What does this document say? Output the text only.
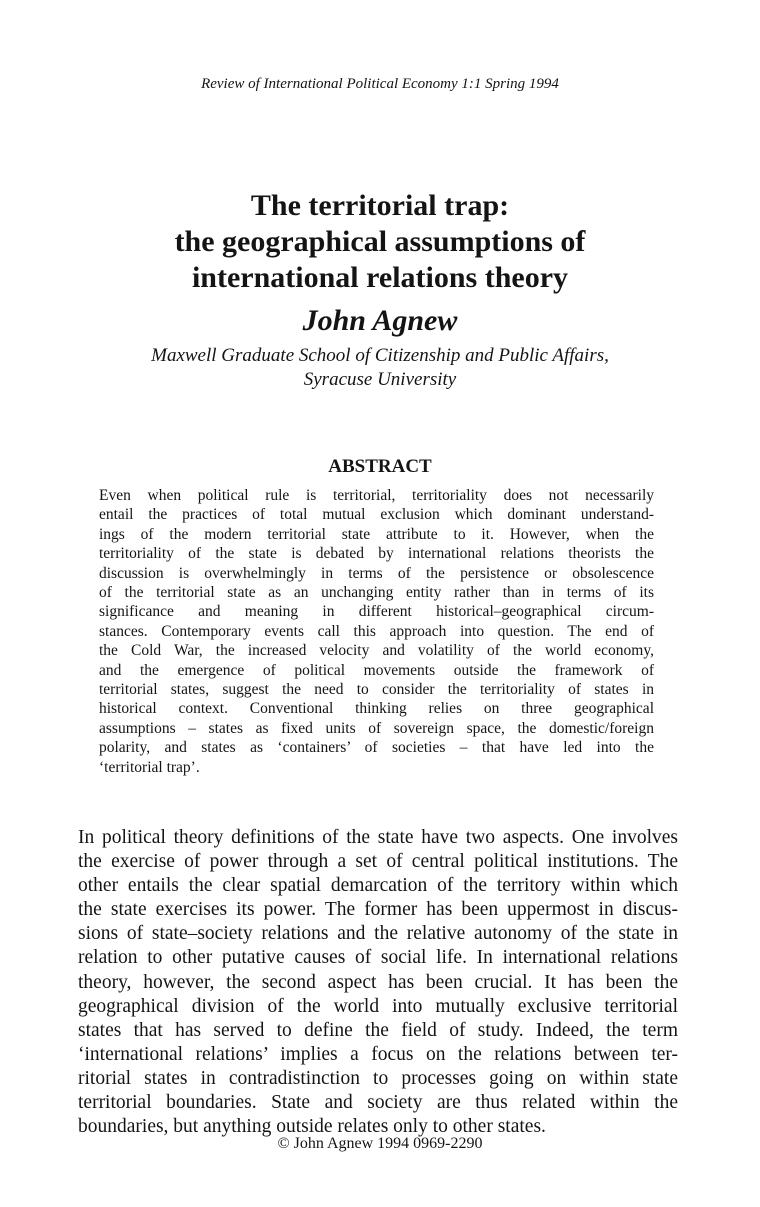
Review of International Political Economy 1:1 Spring 1994
The territorial trap:
the geographical assumptions of
international relations theory
John Agnew
Maxwell Graduate School of Citizenship and Public Affairs,
Syracuse University
ABSTRACT
Even when political rule is territorial, territoriality does not necessarily
entail the practices of total mutual exclusion which dominant understand-
ings of the modern territorial state attribute to it. However, when the
territoriality of the state is debated by international relations theorists the
discussion is overwhelmingly in terms of the persistence or obsolescence
of the territorial state as an unchanging entity rather than in terms of its
significance and meaning in different historical–geographical circum-
stances. Contemporary events call this approach into question. The end of
the Cold War, the increased velocity and volatility of the world economy,
and the emergence of political movements outside the framework of
territorial states, suggest the need to consider the territoriality of states in
historical context. Conventional thinking relies on three geographical
assumptions – states as fixed units of sovereign space, the domestic/foreign
polarity, and states as ‘containers’ of societies – that have led into the
‘territorial trap’.
In political theory definitions of the state have two aspects. One involves
the exercise of power through a set of central political institutions. The
other entails the clear spatial demarcation of the territory within which
the state exercises its power. The former has been uppermost in discus-
sions of state–society relations and the relative autonomy of the state in
relation to other putative causes of social life. In international relations
theory, however, the second aspect has been crucial. It has been the
geographical division of the world into mutually exclusive territorial
states that has served to define the field of study. Indeed, the term
‘international relations’ implies a focus on the relations between ter-
ritorial states in contradistinction to processes going on within state
territorial boundaries. State and society are thus related within the
boundaries, but anything outside relates only to other states.
© John Agnew 1994 0969-2290
